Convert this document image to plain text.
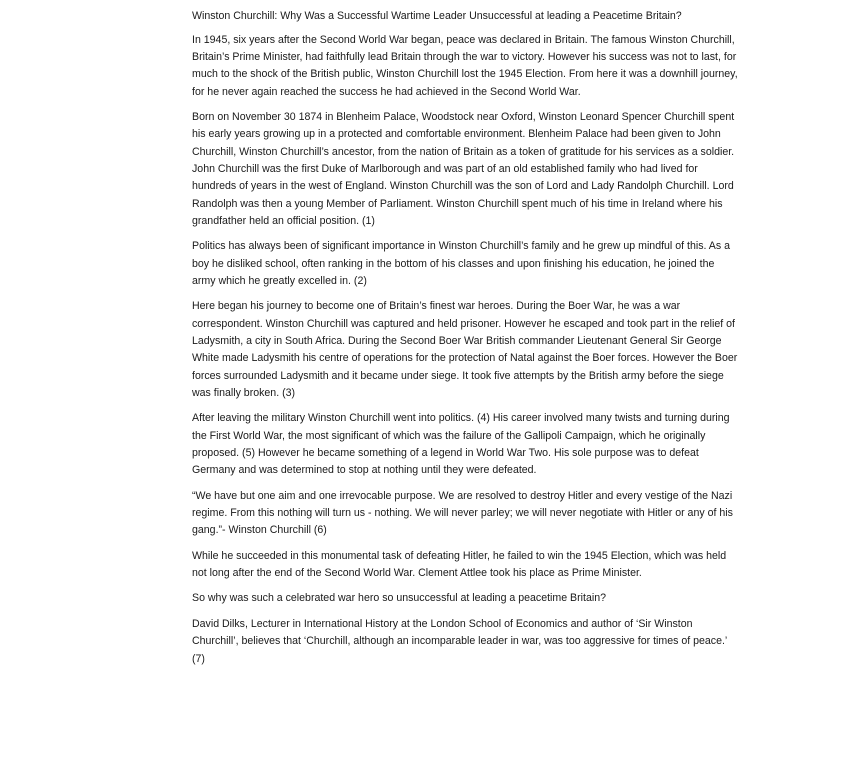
Winston Churchill: Why Was a Successful Wartime Leader Unsuccessful at leading a Peacetime Britain?

In 1945, six years after the Second World War began, peace was declared in Britain. The famous Winston Churchill, Britain’s Prime Minister, had faithfully lead Britain through the war to victory. However his success was not to last, for much to the shock of the British public, Winston Churchill lost the 1945 Election. From here it was a downhill journey, for he never again reached the success he had achieved in the Second World War.

Born on November 30 1874 in Blenheim Palace, Woodstock near Oxford, Winston Leonard Spencer Churchill spent his early years growing up in a protected and comfortable environment. Blenheim Palace had been given to John Churchill, Winston Churchill’s ancestor, from the nation of Britain as a token of gratitude for his services as a soldier. John Churchill was the first Duke of Marlborough and was part of an old established family who had lived for hundreds of years in the west of England. Winston Churchill was the son of Lord and Lady Randolph Churchill. Lord Randolph was then a young Member of Parliament. Winston Churchill spent much of his time in Ireland where his grandfather held an official position. (1)

Politics has always been of significant importance in Winston Churchill’s family and he grew up mindful of this. As a boy he disliked school, often ranking in the bottom of his classes and upon finishing his education, he joined the army which he greatly excelled in. (2)

Here began his journey to become one of Britain’s finest war heroes. During the Boer War, he was a war correspondent. Winston Churchill was captured and held prisoner. However he escaped and took part in the relief of Ladysmith, a city in South Africa. During the Second Boer War British commander Lieutenant General Sir George White made Ladysmith his centre of operations for the protection of Natal against the Boer forces. However the Boer forces surrounded Ladysmith and it became under siege. It took five attempts by the British army before the siege was finally broken. (3)

After leaving the military Winston Churchill went into politics. (4) His career involved many twists and turning during the First World War, the most significant of which was the failure of the Gallipoli Campaign, which he originally proposed. (5) However he became something of a legend in World War Two. His sole purpose was to defeat Germany and was determined to stop at nothing until they were defeated.

“We have but one aim and one irrevocable purpose. We are resolved to destroy Hitler and every vestige of the Nazi regime. From this nothing will turn us - nothing. We will never parley; we will never negotiate with Hitler or any of his gang.”- Winston Churchill (6)

While he succeeded in this monumental task of defeating Hitler, he failed to win the 1945 Election, which was held not long after the end of the Second World War. Clement Attlee took his place as Prime Minister.

So why was such a celebrated war hero so unsuccessful at leading a peacetime Britain?

David Dilks, Lecturer in International History at the London School of Economics and author of ‘Sir Winston Churchill’, believes that ‘Churchill, although an incomparable leader in war, was too aggressive for times of peace.’ (7)
